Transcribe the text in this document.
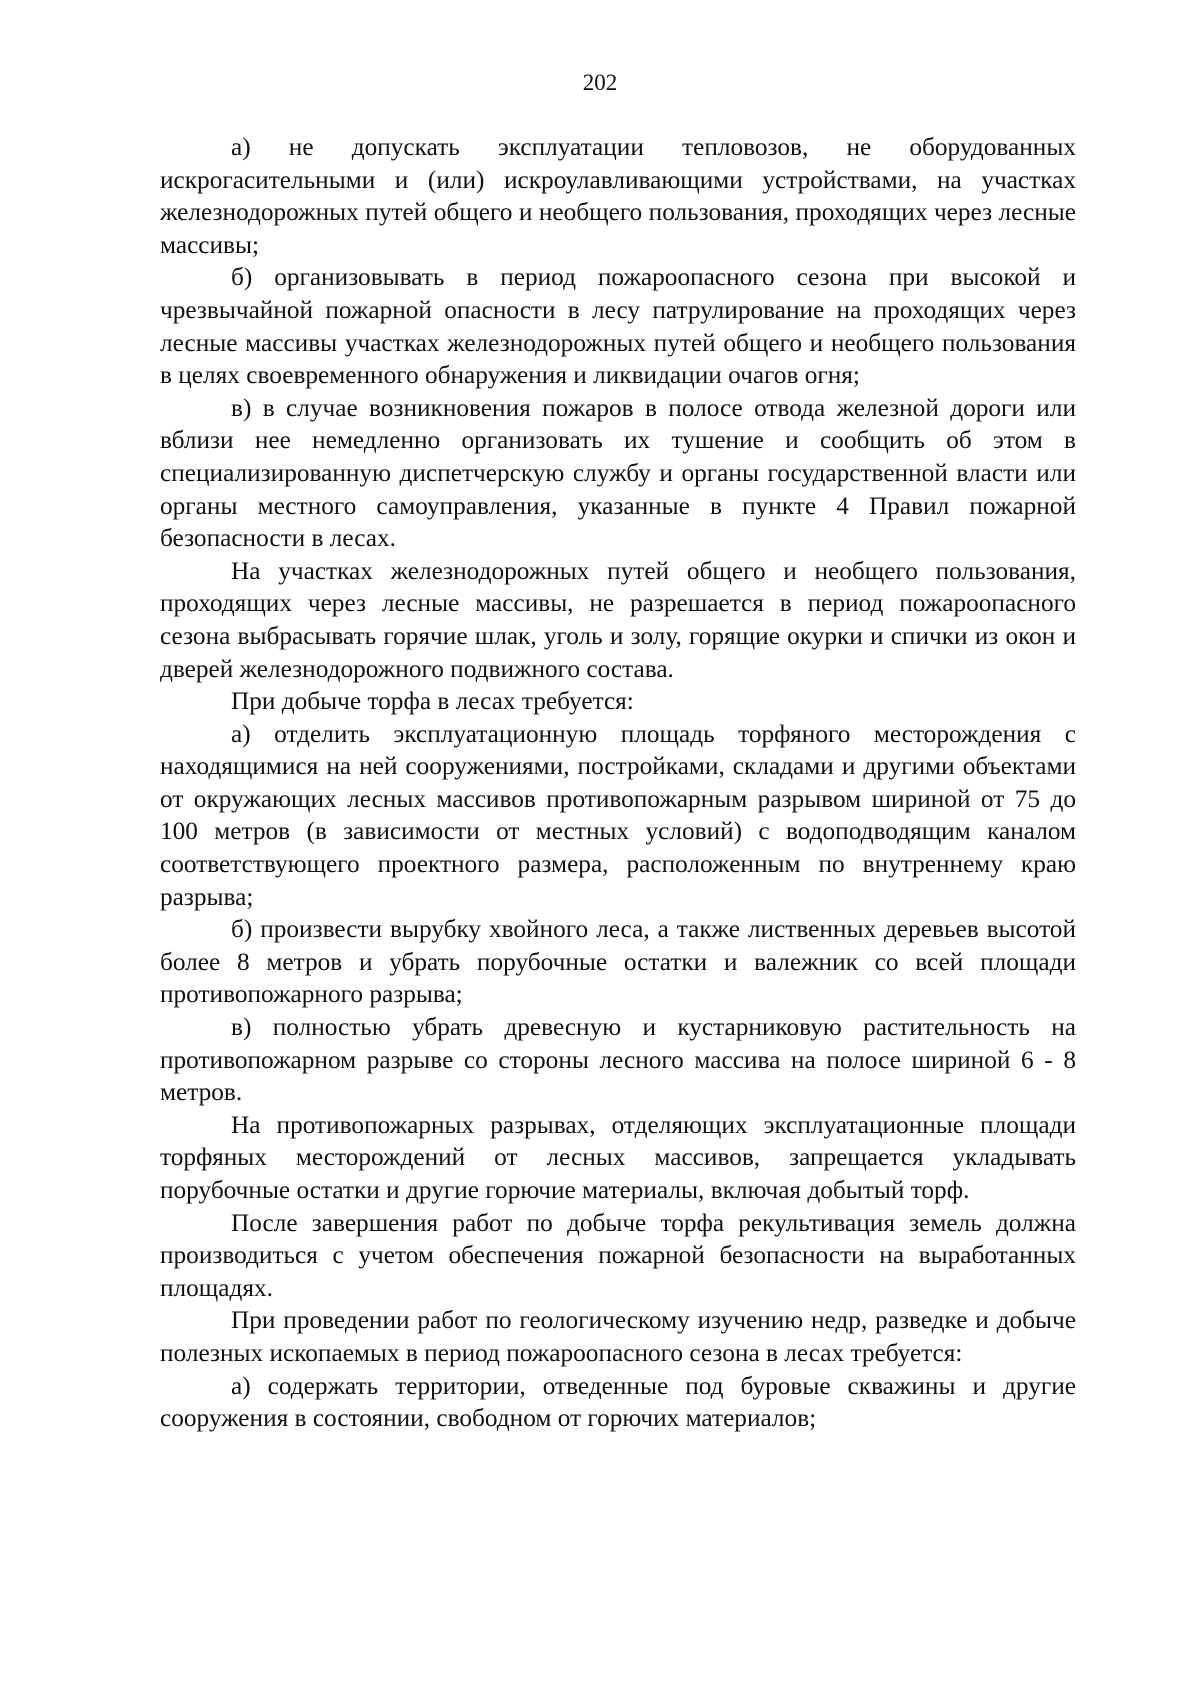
202

а) не допускать эксплуатации тепловозов, не оборудованных искрогасительными и (или) искроулавливающими устройствами, на участках железнодорожных путей общего и необщего пользования, проходящих через лесные массивы;

б) организовывать в период пожароопасного сезона при высокой и чрезвычайной пожарной опасности в лесу патрулирование на проходящих через лесные массивы участках железнодорожных путей общего и необщего пользования в целях своевременного обнаружения и ликвидации очагов огня;

в) в случае возникновения пожаров в полосе отвода железной дороги или вблизи нее немедленно организовать их тушение и сообщить об этом в специализированную диспетчерскую службу и органы государственной власти или органы местного самоуправления, указанные в пункте 4 Правил пожарной безопасности в лесах.

На участках железнодорожных путей общего и необщего пользования, проходящих через лесные массивы, не разрешается в период пожароопасного сезона выбрасывать горячие шлак, уголь и золу, горящие окурки и спички из окон и дверей железнодорожного подвижного состава.

При добыче торфа в лесах требуется:

а) отделить эксплуатационную площадь торфяного месторождения с находящимися на ней сооружениями, постройками, складами и другими объектами от окружающих лесных массивов противопожарным разрывом шириной от 75 до 100 метров (в зависимости от местных условий) с водоподводящим каналом соответствующего проектного размера, расположенным по внутреннему краю разрыва;

б) произвести вырубку хвойного леса, а также лиственных деревьев высотой более 8 метров и убрать порубочные остатки и валежник со всей площади противопожарного разрыва;

в) полностью убрать древесную и кустарниковую растительность на противопожарном разрыве со стороны лесного массива на полосе шириной 6 - 8 метров.

На противопожарных разрывах, отделяющих эксплуатационные площади торфяных месторождений от лесных массивов, запрещается укладывать порубочные остатки и другие горючие материалы, включая добытый торф.

После завершения работ по добыче торфа рекультивация земель должна производиться с учетом обеспечения пожарной безопасности на выработанных площадях.

При проведении работ по геологическому изучению недр, разведке и добыче полезных ископаемых в период пожароопасного сезона в лесах требуется:

а) содержать территории, отведенные под буровые скважины и другие сооружения в состоянии, свободном от горючих материалов;
